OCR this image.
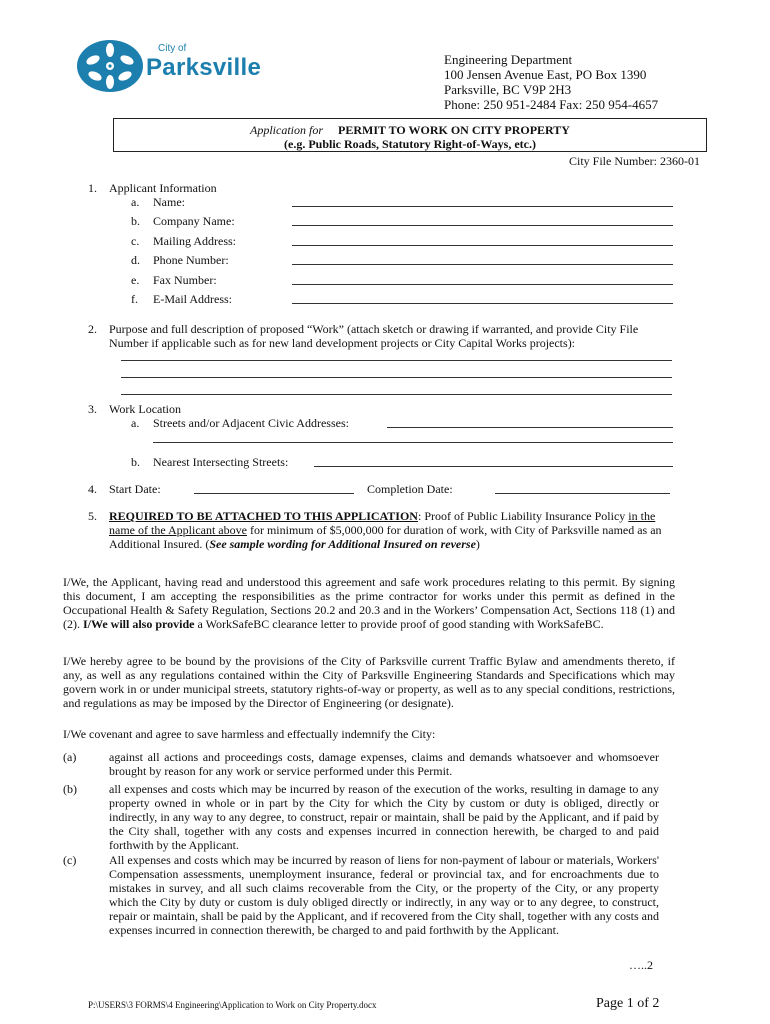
City of
Parksville	Engineering Department
100 Jensen Avenue East, PO Box 1390
Parksville, BC V9P 2H3
Phone: 250 951-2484 Fax: 250 954-4657
Application for PERMIT TO WORK ON CITY PROPERTY
(e.g. Public Roads, Statutory Right-of-Ways, etc.)
City File Number: 2360-01
1. Applicant Information
a. Name:
b. Company Name:
c. Mailing Address:
d. Phone Number:
e. Fax Number:
f. E-Mail Address:
2. Purpose and full description of proposed “Work” (attach sketch or drawing if warranted, and provide City File Number if applicable such as for new land development projects or City Capital Works projects):
3. Work Location
a. Streets and/or Adjacent Civic Addresses:
b. Nearest Intersecting Streets:
4. Start Date:	Completion Date:
5. REQUIRED TO BE ATTACHED TO THIS APPLICATION: Proof of Public Liability Insurance Policy in the name of the Applicant above for minimum of $5,000,000 for duration of work, with City of Parksville named as an Additional Insured. (See sample wording for Additional Insured on reverse)
I/We, the Applicant, having read and understood this agreement and safe work procedures relating to this permit. By signing this document, I am accepting the responsibilities as the prime contractor for works under this permit as defined in the Occupational Health & Safety Regulation, Sections 20.2 and 20.3 and in the Workers’ Compensation Act, Sections 118 (1) and (2). I/We will also provide a WorkSafeBC clearance letter to provide proof of good standing with WorkSafeBC.
I/We hereby agree to be bound by the provisions of the City of Parksville current Traffic Bylaw and amendments thereto, if any, as well as any regulations contained within the City of Parksville Engineering Standards and Specifications which may govern work in or under municipal streets, statutory rights-of-way or property, as well as to any special conditions, restrictions, and regulations as may be imposed by the Director of Engineering (or designate).
I/We covenant and agree to save harmless and effectually indemnify the City:
(a)	against all actions and proceedings costs, damage expenses, claims and demands whatsoever and whomsoever brought by reason for any work or service performed under this Permit.
(b)	all expenses and costs which may be incurred by reason of the execution of the works, resulting in damage to any property owned in whole or in part by the City for which the City by custom or duty is obliged, directly or indirectly, in any way to any degree, to construct, repair or maintain, shall be paid by the Applicant, and if paid by the City shall, together with any costs and expenses incurred in connection herewith, be charged to and paid forthwith by the Applicant.
(c)	All expenses and costs which may be incurred by reason of liens for non-payment of labour or materials, Workers' Compensation assessments, unemployment insurance, federal or provincial tax, and for encroachments due to mistakes in survey, and all such claims recoverable from the City, or the property of the City, or any property which the City by duty or custom is duly obliged directly or indirectly, in any way or to any degree, to construct, repair or maintain, shall be paid by the Applicant, and if recovered from the City shall, together with any costs and expenses incurred in connection therewith, be charged to and paid forthwith by the Applicant.
…..2
P:\USERS\3 FORMS\4 Engineering\Application to Work on City Property.docx	Page 1 of 2
